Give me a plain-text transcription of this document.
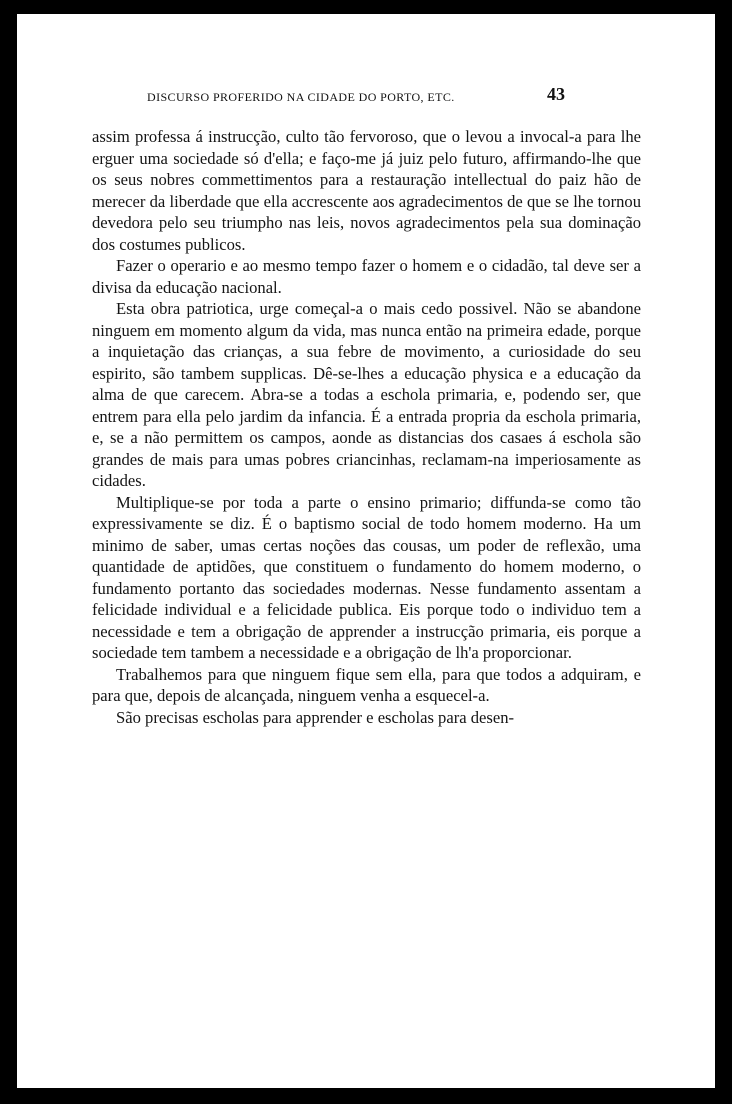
DISCURSO PROFERIDO NA CIDADE DO PORTO, ETC.	43

assim professa á instrucção, culto tão fervoroso, que o levou a invocal-a para lhe erguer uma sociedade só d'ella; e faço-me já juiz pelo futuro, affirmando-lhe que os seus nobres commettimentos para a restauração intellectual do paiz hão de merecer da liberdade que ella accrescente aos agradecimentos de que se lhe tornou devedora pelo seu triumpho nas leis, novos agradecimentos pela sua dominação dos costumes publicos.

Fazer o operario e ao mesmo tempo fazer o homem e o cidadão, tal deve ser a divisa da educação nacional.

Esta obra patriotica, urge começal-a o mais cedo possivel. Não se abandone ninguem em momento algum da vida, mas nunca então na primeira edade, porque a inquietação das crianças, a sua febre de movimento, a curiosidade do seu espirito, são tambem supplicas. Dê-se-lhes a educação physica e a educação da alma de que carecem. Abra-se a todas a eschola primaria, e, podendo ser, que entrem para ella pelo jardim da infancia. É a entrada propria da eschola primaria, e, se a não permittem os campos, aonde as distancias dos casaes á eschola são grandes de mais para umas pobres criancinhas, reclamam-na imperiosamente as cidades.

Multiplique-se por toda a parte o ensino primario; diffunda-se como tão expressivamente se diz. É o baptismo social de todo homem moderno. Ha um minimo de saber, umas certas noções das cousas, um poder de reflexão, uma quantidade de aptidões, que constituem o fundamento do homem moderno, o fundamento portanto das sociedades modernas. Nesse fundamento assentam a felicidade individual e a felicidade publica. Eis porque todo o individuo tem a necessidade e tem a obrigação de apprender a instrucção primaria, eis porque a sociedade tem tambem a necessidade e a obrigação de lh'a proporcionar.

Trabalhemos para que ninguem fique sem ella, para que todos a adquiram, e para que, depois de alcançada, ninguem venha a esquecel-a.

São precisas escholas para apprender e escholas para desen-
